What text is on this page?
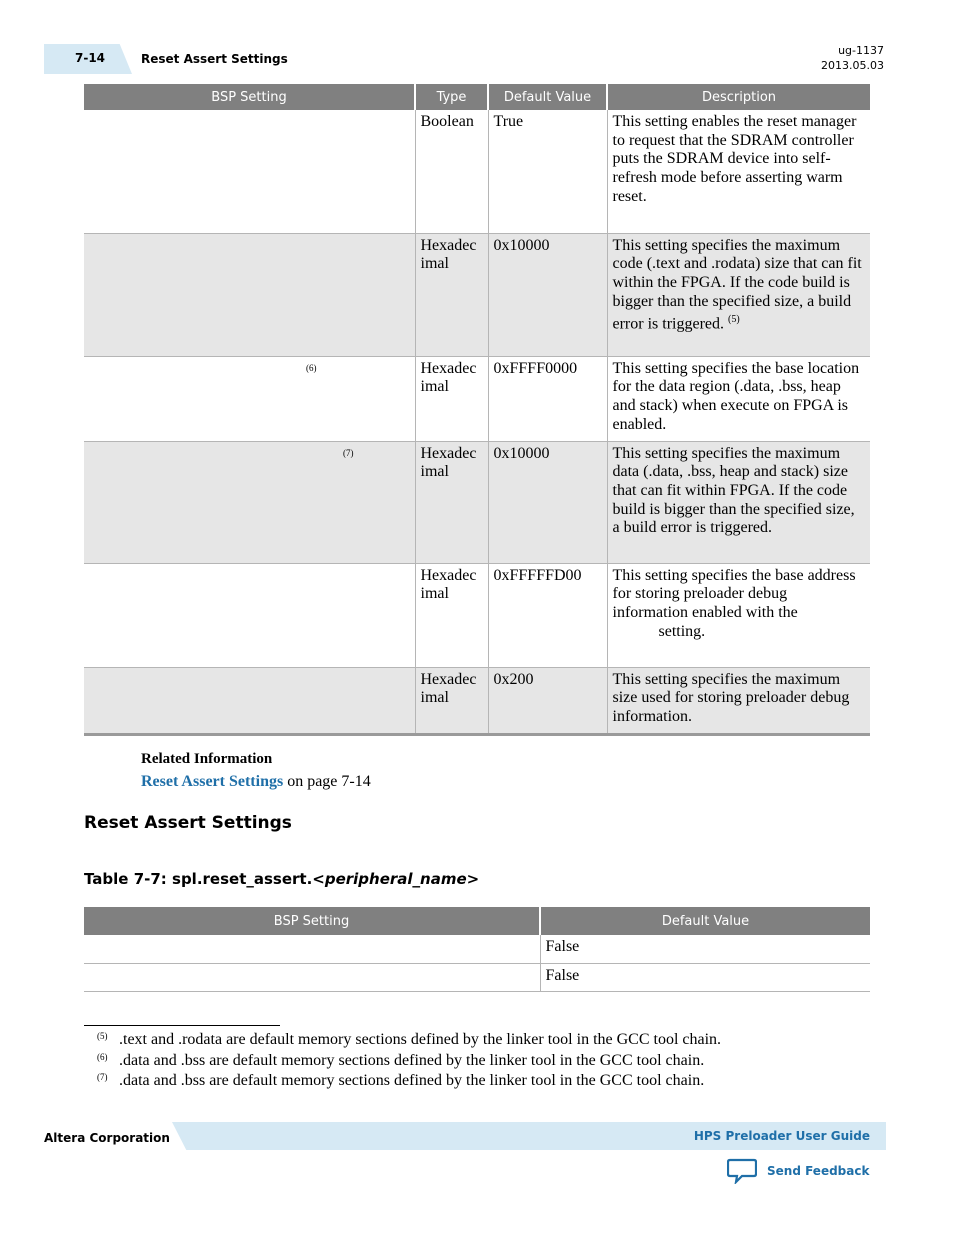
7-14	Reset Assert Settings
ug-1137
2013.05.03
BSP Setting	Type	Default Value	Description
	Boolean	True	This setting enables the reset manager to request that the SDRAM controller puts the SDRAM device into self-refresh mode before asserting warm reset.
	Hexadec imal	0x10000	This setting specifies the maximum code (.text and .rodata) size that can fit within the FPGA. If the code build is bigger than the specified size, a build error is triggered. $^{(5)}$

(6)	Hexadec imal	0xFFFF0000	This setting specifies the base location for the data region (.data, .bss, heap and stack) when execute on FPGA is enabled.

(7)	Hexadec imal	0x10000	This setting specifies the maximum data (.data, .bss, heap and stack) size that can fit within FPGA. If the code build is bigger than the specified size, a build error is triggered.
	Hexadec imal	0xFFFFFD00	This setting specifies the base address for storing preloader debug information enabled with the
setting.
	Hexadec imal	0x200	This setting specifies the maximum size used for storing preloader debug information.
Related Information
Reset Assert Settings on page 7-14
Reset Assert Settings
Table 7-7: spl.reset_assert.<peripheral_name>
BSP Setting	Default Value
	False
	False
(5) .text and .rodata are default memory sections defined by the linker tool in the GCC tool chain.
(6) .data and .bss are default memory sections defined by the linker tool in the GCC tool chain.
(7) .data and .bss are default memory sections defined by the linker tool in the GCC tool chain.
Altera Corporation	HPS Preloader User Guide
Send Feedback
